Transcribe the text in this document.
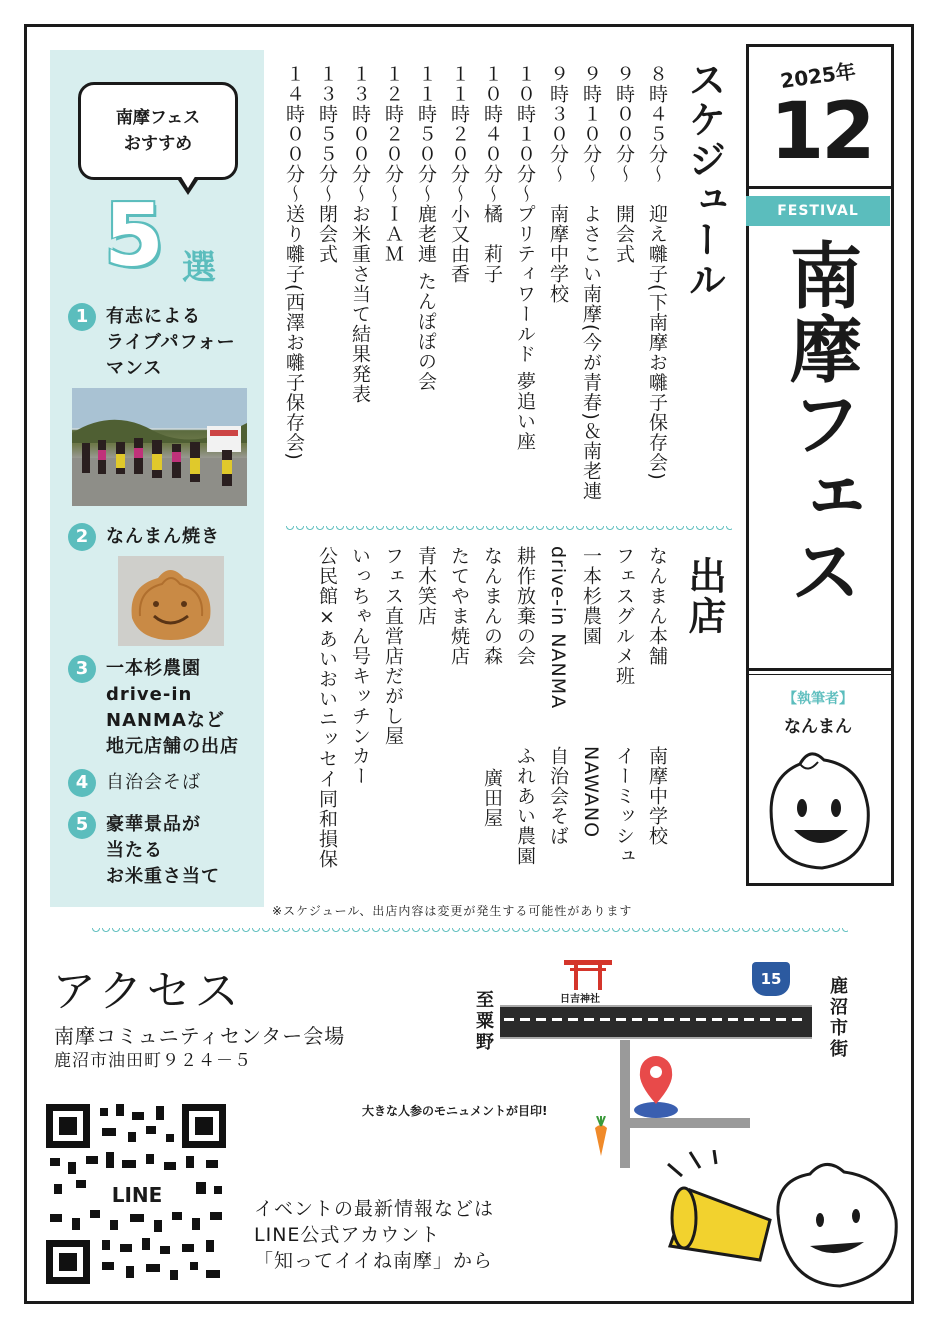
南摩フェス
おすすめ
5 選
1 有志による
ライブパフォー
マンス
2 なんまん焼き
3 一本杉農園
drive-in
NANMAなど
地元店舗の出店
4 自治会そば
5 豪華景品が
当たる
お米重さ当て
スケジュール
８時４５分～　迎え囃子(下南摩お囃子保存会)
９時００分～　開会式
９時１０分～　よさこい南摩(今が青春)＆南老連
９時３０分～　南摩中学校
１０時１０分～プリティワールド 夢追い座
１０時４０分～橘　莉子
１１時２０分～小又由香
１１時５０分～鹿老連 たんぽぽの会
１２時２０分～ＩＡＭ
１３時００分～お米重さ当て結果発表
１３時５５分～閉会式
１４時００分～送り囃子(西澤お囃子保存会)
出店
なんまん本舗
フェスグルメ班
一本杉農園
drive-in NANMA
耕作放棄の会
なんまんの森
たてやま焼店
青木笑店
フェス直営店だがし屋
いっちゃん号キッチンカー
公民館×あいおいニッセイ同和損保	南摩中学校
イーミッシュ
NAWANO
自治会そば
ふれあい農園
廣田屋
2025年
12
FESTIVAL
南摩フェス
【執筆者】
なんまん
※スケジュール、出店内容は変更が発生する可能性があります
アクセス
南摩コミュニティセンター会場
鹿沼市油田町９２４－５
LINE
イベントの最新情報などは
LINE公式アカウント
「知ってイイね南摩」から
至粟野	鹿沼市街
日吉神社
15
大きな人参のモニュメントが目印!
